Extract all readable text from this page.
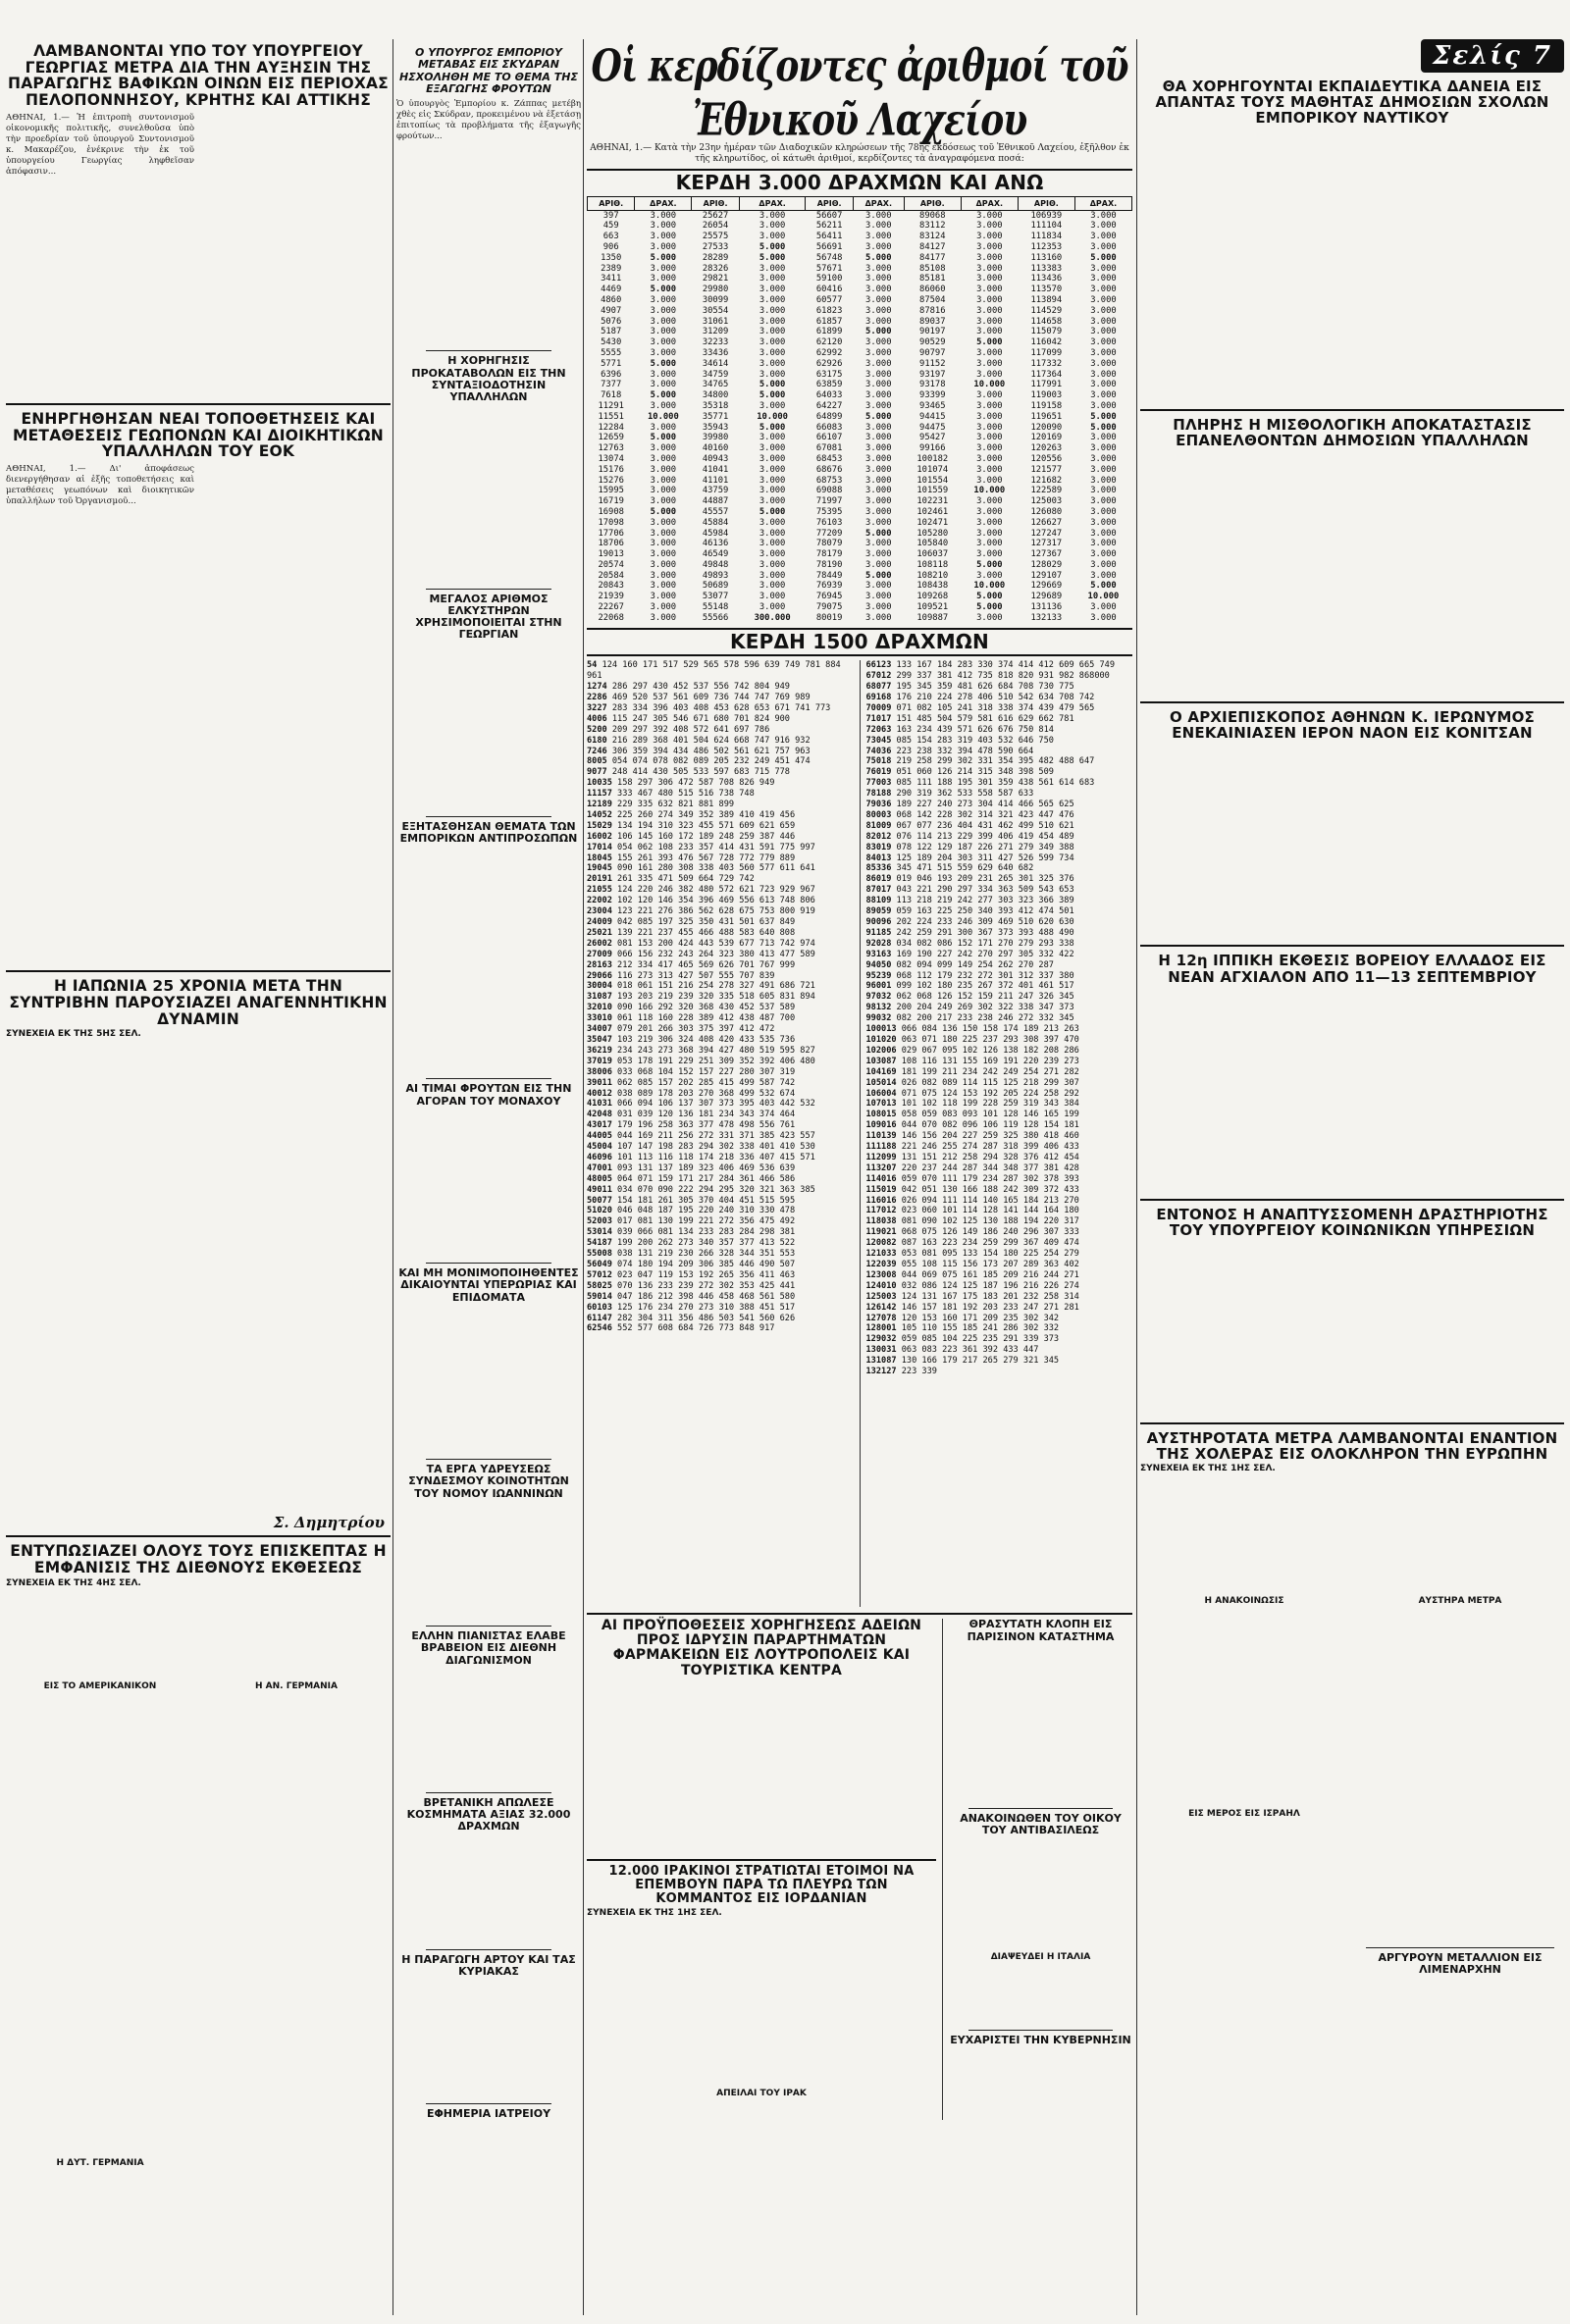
ΛΑΜΒΑΝΟΝΤΑΙ ΥΠΟ ΤΟΥ ΥΠΟΥΡΓΕΙΟΥ ΓΕΩΡΓΙΑΣ ΜΕΤΡΑ ΔΙΑ ΤΗΝ ΑΥΞΗΣΙΝ ΤΗΣ ΠΑΡΑΓΩΓΗΣ ΒΑΦΙΚΩΝ ΟΙΝΩΝ ΕΙΣ ΠΕΡΙΟΧΑΣ ΠΕΛΟΠΟΝΝΗΣΟΥ, ΚΡΗΤΗΣ ΚΑΙ ΑΤΤΙΚΗΣ

ΑΘΗΝΑΙ, 1.— Ἡ ἐπιτροπὴ συντονισμοῦ οἰκονομικῆς πολιτικῆς, συνελθοῦσα ὑπὸ τὴν προεδρίαν τοῦ ὑπουργοῦ Συντονισμοῦ κ. Μακαρέζου, ἐνέκρινε τὴν ἐκ τοῦ ὑπουργείου Γεωργίας ληφθεῖσαν ἀπόφασιν...

ΕΝΗΡΓΗΘΗΣΑΝ ΝΕΑΙ ΤΟΠΟΘΕΤΗΣΕΙΣ ΚΑΙ ΜΕΤΑΘΕΣΕΙΣ ΓΕΩΠΟΝΩΝ ΚΑΙ ΔΙΟΙΚΗΤΙΚΩΝ ΥΠΑΛΛΗΛΩΝ ΤΟΥ ΕΟΚ

ΑΘΗΝΑΙ, 1.— Δι' ἀποφάσεως διενεργήθησαν αἱ ἑξῆς τοποθετήσεις καὶ μεταθέσεις γεωπόνων καὶ διοικητικῶν ὑπαλλήλων τοῦ Ὀργανισμοῦ...

Η ΙΑΠΩΝΙΑ 25 ΧΡΟΝΙΑ ΜΕΤΑ ΤΗΝ ΣΥΝΤΡΙΒΗΝ ΠΑΡΟΥΣΙΑΖΕΙ ΑΝΑΓΕΝΝΗΤΙΚΗΝ ΔΥΝΑΜΙΝ
ΣΥΝΕΧΕΙΑ ΕΚ ΤΗΣ 5ΗΣ ΣΕΛ.

Σ. Δημητρίου
ΕΝΤΥΠΩΣΙΑΖΕΙ ΟΛΟΥΣ ΤΟΥΣ ΕΠΙΣΚΕΠΤΑΣ Η ΕΜΦΑΝΙΣΙΣ ΤΗΣ ΔΙΕΘΝΟΥΣ ΕΚΘΕΣΕΩΣ
ΣΥΝΕΧΕΙΑ ΕΚ ΤΗΣ 4ΗΣ ΣΕΛ.

ΕΙΣ ΤΟ ΑΜΕΡΙΚΑΝΙΚΟΝ

Η ΔΥΤ. ΓΕΡΜΑΝΙΑ

Η ΑΝ. ΓΕΡΜΑΝΙΑ

Ο ΥΠΟΥΡΓΟΣ ΕΜΠΟΡΙΟΥ ΜΕΤΑΒΑΣ ΕΙΣ ΣΚΥΔΡΑΝ ΗΣΧΟΛΗΘΗ ΜΕ ΤΟ ΘΕΜΑ ΤΗΣ ΕΞΑΓΩΓΗΣ ΦΡΟΥΤΩΝ

Ὁ ὑπουργὸς Ἐμπορίου κ. Ζάππας μετέβη χθὲς εἰς Σκύδραν, προκειμένου νὰ ἐξετάσῃ ἐπιτοπίως τὰ προβλήματα τῆς ἐξαγωγῆς φρούτων...

Η ΧΟΡΗΓΗΣΙΣ ΠΡΟΚΑΤΑΒΟΛΩΝ ΕΙΣ ΤΗΝ ΣΥΝΤΑΞΙΟΔΟΤΗΣΙΝ ΥΠΑΛΛΗΛΩΝ

ΜΕΓΑΛΟΣ ΑΡΙΘΜΟΣ ΕΛΚΥΣΤΗΡΩΝ ΧΡΗΣΙΜΟΠΟΙΕΙΤΑΙ ΣΤΗΝ ΓΕΩΡΓΙΑΝ

ΕΞΗΤΑΣΘΗΣΑΝ ΘΕΜΑΤΑ ΤΩΝ ΕΜΠΟΡΙΚΩΝ ΑΝΤΙΠΡΟΣΩΠΩΝ

ΑΙ ΤΙΜΑΙ ΦΡΟΥΤΩΝ ΕΙΣ ΤΗΝ ΑΓΟΡΑΝ ΤΟΥ ΜΟΝΑΧΟΥ

ΚΑΙ ΜΗ ΜΟΝΙΜΟΠΟΙΗΘΕΝΤΕΣ ΔΙΚΑΙΟΥΝΤΑΙ ΥΠΕΡΩΡΙΑΣ ΚΑΙ ΕΠΙΔΟΜΑΤΑ

ΤΑ ΕΡΓΑ ΥΔΡΕΥΣΕΩΣ ΣΥΝΔΕΣΜΟΥ ΚΟΙΝΟΤΗΤΩΝ ΤΟΥ ΝΟΜΟΥ ΙΩΑΝΝΙΝΩΝ

ΕΛΛΗΝ ΠΙΑΝΙΣΤΑΣ ΕΛΑΒΕ ΒΡΑΒΕΙΟΝ ΕΙΣ ΔΙΕΘΝΗ ΔΙΑΓΩΝΙΣΜΟΝ

ΒΡΕΤΑΝΙΚΗ ΑΠΩΛΕΣΕ ΚΟΣΜΗΜΑΤΑ ΑΞΙΑΣ 32.000 ΔΡΑΧΜΩΝ

Η ΠΑΡΑΓΩΓΗ ΑΡΤΟΥ ΚΑΙ ΤΑΣ ΚΥΡΙΑΚΑΣ

ΕΦΗΜΕΡΙΑ ΙΑΤΡΕΙΟΥ

Οἱ κερδίζοντες ἀριθμοί τοῦ Ἐθνικοῦ Λαχείου

ΑΘΗΝΑΙ, 1.— Κατὰ τὴν 23ην ἡμέραν τῶν Διαδοχικῶν κληρώσεων τῆς 78ης ἐκδόσεως τοῦ Ἐθνικοῦ Λαχείου, ἐξῆλθον ἐκ τῆς κληρωτίδος, οἱ κάτωθι ἀριθμοί, κερδίζοντες τὰ ἀναγραφόμενα ποσά:

ΚΕΡΔΗ 3.000 ΔΡΑΧΜΩΝ ΚΑΙ ΑΝΩ
ΑΡΙΘ.	ΔΡΑΧ.	ΑΡΙΘ.	ΔΡΑΧ.	ΑΡΙΘ.	ΔΡΑΧ.	ΑΡΙΘ.	ΔΡΑΧ.	ΑΡΙΘ.	ΔΡΑΧ.
397	3.000	25627	3.000	56607	3.000	89068	3.000	106939	3.000
459	3.000	26054	3.000	56211	3.000	83112	3.000	111104	3.000
663	3.000	25575	3.000	56411	3.000	83124	3.000	111834	3.000
906	3.000	27533	5.000	56691	3.000	84127	3.000	112353	3.000
1350	5.000	28289	5.000	56748	5.000	84177	3.000	113160	5.000
2389	3.000	28326	3.000	57671	3.000	85108	3.000	113383	3.000
3411	3.000	29821	3.000	59100	3.000	85181	3.000	113436	3.000
4469	5.000	29980	3.000	60416	3.000	86060	3.000	113570	3.000
4860	3.000	30099	3.000	60577	3.000	87504	3.000	113894	3.000
4907	3.000	30554	3.000	61823	3.000	87816	3.000	114529	3.000
5076	3.000	31061	3.000	61857	3.000	89037	3.000	114658	3.000
5187	3.000	31209	3.000	61899	5.000	90197	3.000	115079	3.000
5430	3.000	32233	3.000	62120	3.000	90529	5.000	116042	3.000
5555	3.000	33436	3.000	62992	3.000	90797	3.000	117099	3.000
5771	5.000	34614	3.000	62926	3.000	91152	3.000	117332	3.000
6396	3.000	34759	3.000	63175	3.000	93197	3.000	117364	3.000
7377	3.000	34765	5.000	63859	3.000	93178	10.000	117991	3.000
7618	5.000	34800	5.000	64033	3.000	93399	3.000	119003	3.000
11291	3.000	35318	3.000	64227	3.000	93465	3.000	119158	3.000
11551	10.000	35771	10.000	64899	5.000	94415	3.000	119651	5.000
12284	3.000	35943	5.000	66083	3.000	94475	3.000	120090	5.000
12659	5.000	39980	3.000	66107	3.000	95427	3.000	120169	3.000
12763	3.000	40160	3.000	67081	3.000	99166	3.000	120263	3.000
13074	3.000	40943	3.000	68453	3.000	100182	3.000	120556	3.000
15176	3.000	41041	3.000	68676	3.000	101074	3.000	121577	3.000
15276	3.000	41101	3.000	68753	3.000	101554	3.000	121682	3.000
15995	3.000	43759	3.000	69088	3.000	101559	10.000	122589	3.000
16719	3.000	44887	3.000	71997	3.000	102231	3.000	125003	3.000
16908	5.000	45557	5.000	75395	3.000	102461	3.000	126080	3.000
17098	3.000	45884	3.000	76103	3.000	102471	3.000	126627	3.000
17706	3.000	45984	3.000	77209	5.000	105280	3.000	127247	3.000
18706	3.000	46136	3.000	78079	3.000	105840	3.000	127317	3.000
19013	3.000	46549	3.000	78179	3.000	106037	3.000	127367	3.000
20574	3.000	49848	3.000	78190	3.000	108118	5.000	128029	3.000
20584	3.000	49893	3.000	78449	5.000	108210	3.000	129107	3.000
20843	3.000	50689	3.000	76939	3.000	108438	10.000	129669	5.000
21939	3.000	53077	3.000	76945	3.000	109268	5.000	129689	10.000
22267	3.000	55148	3.000	79075	3.000	109521	5.000	131136	3.000
22068	3.000	55566	300.000	80019	3.000	109887	3.000	132133	3.000
ΚΕΡΔΗ 1500 ΔΡΑΧΜΩΝ
54 124 160 171 517 529 565 578 596 639 749 781 884 961
1274 286 297 430 452 537 556 742 804 949
2286 469 520 537 561 609 736 744 747 769 989
3227 283 334 396 403 408 453 628 653 671 741 773
4006 115 247 305 546 671 680 701 824 900
5200 209 297 392 408 572 641 697 786
6180 216 289 368 401 504 624 668 747 916 932
7246 306 359 394 434 486 502 561 621 757 963
8005 054 074 078 082 089 205 232 249 451 474
9077 248 414 430 505 533 597 683 715 778
10035 158 297 306 472 587 708 826 949
11157 333 467 480 515 516 738 748
12189 229 335 632 821 881 899
14052 225 260 274 349 352 389 410 419 456
15029 134 194 310 323 455 571 609 621 659
16002 106 145 160 172 189 248 259 387 446
17014 054 062 108 233 357 414 431 591 775 997
18045 155 261 393 476 567 728 772 779 889
19045 090 161 280 308 338 403 560 577 611 641
20191 261 335 471 509 664 729 742
21055 124 220 246 382 480 572 621 723 929 967
22002 102 120 146 354 396 469 556 613 748 806
23004 123 221 276 386 562 628 675 753 800 919
24009 042 085 197 325 350 431 501 637 849
25021 139 221 237 455 466 488 583 640 808
26002 081 153 200 424 443 539 677 713 742 974
27009 066 156 232 243 264 323 380 413 477 589
28163 212 334 417 465 569 626 701 767 999
29066 116 273 313 427 507 555 707 839
30004 018 061 151 216 254 278 327 491 686 721
31087 193 203 219 239 320 335 518 605 831 894
32010 090 166 292 320 368 430 452 537 589
33010 061 118 160 228 389 412 438 487 700
34007 079 201 266 303 375 397 412 472
35047 103 219 306 324 408 420 433 535 736
36219 234 243 273 368 394 427 480 519 595 827
37019 053 178 191 229 251 309 352 392 406 480
38006 033 068 104 152 157 227 280 307 319
39011 062 085 157 202 285 415 499 587 742
40012 038 089 178 203 270 368 499 532 674
41031 066 094 106 137 307 373 395 403 442 532
42048 031 039 120 136 181 234 343 374 464
43017 179 196 258 363 377 478 498 556 761
44005 044 169 211 256 272 331 371 385 423 557
45004 107 147 198 283 294 302 338 401 410 530
46096 101 113 116 118 174 218 336 407 415 571
47001 093 131 137 189 323 406 469 536 639
48005 064 071 159 171 217 284 361 466 586
49011 034 070 090 222 294 295 320 321 363 385
50077 154 181 261 305 370 404 451 515 595
51020 046 048 187 195 220 240 310 330 478
52003 017 081 130 199 221 272 356 475 492
53014 039 066 081 134 233 283 284 298 381
54187 199 200 262 273 340 357 377 413 522
55008 038 131 219 230 266 328 344 351 553
56049 074 180 194 209 306 385 446 490 507
57012 023 047 119 153 192 265 356 411 463
58025 070 136 233 239 272 302 353 425 441
59014 047 186 212 398 446 458 468 561 580
60103 125 176 234 270 273 310 388 451 517
61147 282 304 311 356 486 503 541 560 626
62546 552 577 608 684 726 773 848 917
66123 133 167 184 283 330 374 414 412 609 665 749
67012 299 337 381 412 735 818 820 931 982 868000
68077 195 345 359 481 626 684 708 730 775
69168 176 210 224 278 406 510 542 634 708 742
70009 071 082 105 241 318 338 374 439 479 565
71017 151 485 504 579 581 616 629 662 781
72063 163 234 439 571 626 676 750 814
73045 085 154 283 319 403 532 646 750
74036 223 238 332 394 478 590 664
75018 219 258 299 302 331 354 395 482 488 647
76019 051 060 126 214 315 348 398 509
77003 085 111 188 195 301 359 438 561 614 683
78188 290 319 362 533 558 587 633
79036 189 227 240 273 304 414 466 565 625
80003 068 142 228 302 314 321 423 447 476
81009 067 077 236 404 431 462 499 510 621
82012 076 114 213 229 399 406 419 454 489
83019 078 122 129 187 226 271 279 349 388
84013 125 189 204 303 311 427 526 599 734
85336 345 471 515 559 629 640 682
86019 019 046 193 209 231 265 301 325 376
87017 043 221 290 297 334 363 509 543 653
88109 113 218 219 242 277 303 323 366 389
89059 059 163 225 250 340 393 412 474 501
90096 202 224 233 246 309 469 510 620 630
91185 242 259 291 300 367 373 393 488 490
92028 034 082 086 152 171 270 279 293 338
93163 169 190 227 242 270 297 305 332 422
94050 082 094 099 149 254 262 270 287
95239 068 112 179 232 272 301 312 337 380
96001 099 102 180 235 267 372 401 461 517
97032 062 068 126 152 159 211 247 326 345
98132 200 204 249 269 302 322 338 347 373
99032 082 200 217 233 238 246 272 332 345
100013 066 084 136 150 158 174 189 213 263
101020 063 071 180 225 237 293 308 397 470
102006 029 067 095 102 126 138 182 208 286
103087 108 116 131 155 169 191 220 239 273
104169 181 199 211 234 242 249 254 271 282
105014 026 082 089 114 115 125 218 299 307
106004 071 075 124 153 192 205 224 258 292
107013 101 102 118 199 228 259 319 343 384
108015 058 059 083 093 101 128 146 165 199
109016 044 070 082 096 106 119 128 154 181
110139 146 156 204 227 259 325 380 418 460
111188 221 246 255 274 287 318 399 406 433
112099 131 151 212 258 294 328 376 412 454
113207 220 237 244 287 344 348 377 381 428
114016 059 070 111 179 234 287 302 378 393
115019 042 051 130 166 188 242 309 372 433
116016 026 094 111 114 140 165 184 213 270
117012 023 060 101 114 128 141 144 164 180
118038 081 090 102 125 130 188 194 220 317
119021 068 075 126 149 186 240 296 307 333
120082 087 163 223 234 259 299 367 409 474
121033 053 081 095 133 154 180 225 254 279
122039 055 108 115 156 173 207 289 363 402
123008 044 069 075 161 185 209 216 244 271
124010 032 086 124 125 187 196 216 226 274
125003 124 131 167 175 183 201 232 258 314
126142 146 157 181 192 203 233 247 271 281
127078 120 153 160 171 209 235 302 342
128001 105 110 155 185 241 286 302 332
129032 059 085 104 225 235 291 339 373
130031 063 083 223 361 392 433 447
131087 130 166 179 217 265 279 321 345
132127 223 339
ΑΙ ΠΡΟΫΠΟΘΕΣΕΙΣ ΧΟΡΗΓΗΣΕΩΣ ΑΔΕΙΩΝ ΠΡΟΣ ΙΔΡΥΣΙΝ ΠΑΡΑΡΤΗΜΑΤΩΝ ΦΑΡΜΑΚΕΙΩΝ ΕΙΣ ΛΟΥΤΡΟΠΟΛΕΙΣ ΚΑΙ ΤΟΥΡΙΣΤΙΚΑ ΚΕΝΤΡΑ

12.000 ΙΡΑΚΙΝΟΙ ΣΤΡΑΤΙΩΤΑΙ ΕΤΟΙΜΟΙ ΝΑ ΕΠΕΜΒΟΥΝ ΠΑΡΑ ΤΩ ΠΛΕΥΡΩ ΤΩΝ ΚΟΜΜΑΝΤΟΣ ΕΙΣ ΙΟΡΔΑΝΙΑΝ
ΣΥΝΕΧΕΙΑ ΕΚ ΤΗΣ 1ΗΣ ΣΕΛ.

ΑΠΕΙΛΑΙ ΤΟΥ ΙΡΑΚ

ΘΡΑΣΥΤΑΤΗ ΚΛΟΠΗ ΕΙΣ ΠΑΡΙΣΙΝΟΝ ΚΑΤΑΣΤΗΜΑ

ΑΝΑΚΟΙΝΩΘΕΝ ΤΟΥ ΟΙΚΟΥ ΤΟΥ ΑΝΤΙΒΑΣΙΛΕΩΣ

ΔΙΑΨΕΥΔΕΙ Η ΙΤΑΛΙΑ

ΕΥΧΑΡΙΣΤΕΙ ΤΗΝ ΚΥΒΕΡΝΗΣΙΝ

Σελίς 7
ΘΑ ΧΟΡΗΓΟΥΝΤΑΙ ΕΚΠΑΙΔΕΥΤΙΚΑ ΔΑΝΕΙΑ ΕΙΣ ΑΠΑΝΤΑΣ ΤΟΥΣ ΜΑΘΗΤΑΣ ΔΗΜΟΣΙΩΝ ΣΧΟΛΩΝ ΕΜΠΟΡΙΚΟΥ ΝΑΥΤΙΚΟΥ

ΠΛΗΡΗΣ Η ΜΙΣΘΟΛΟΓΙΚΗ ΑΠΟΚΑΤΑΣΤΑΣΙΣ ΕΠΑΝΕΛΘΟΝΤΩΝ ΔΗΜΟΣΙΩΝ ΥΠΑΛΛΗΛΩΝ

Ο ΑΡΧΙΕΠΙΣΚΟΠΟΣ ΑΘΗΝΩΝ Κ. ΙΕΡΩΝΥΜΟΣ ΕΝΕΚΑΙΝΙΑΣΕΝ ΙΕΡΟΝ ΝΑΟΝ ΕΙΣ ΚΟΝΙΤΣΑΝ

Η 12η ΙΠΠΙΚΗ ΕΚΘΕΣΙΣ ΒΟΡΕΙΟΥ ΕΛΛΑΔΟΣ ΕΙΣ ΝΕΑΝ ΑΓΧΙΑΛΟΝ ΑΠΟ 11—13 ΣΕΠΤΕΜΒΡΙΟΥ

ΕΝΤΟΝΟΣ Η ΑΝΑΠΤΥΣΣΟΜΕΝΗ ΔΡΑΣΤΗΡΙΟΤΗΣ ΤΟΥ ΥΠΟΥΡΓΕΙΟΥ ΚΟΙΝΩΝΙΚΩΝ ΥΠΗΡΕΣΙΩΝ

ΑΥΣΤΗΡΟΤΑΤΑ ΜΕΤΡΑ ΛΑΜΒΑΝΟΝΤΑΙ ΕΝΑΝΤΙΟΝ ΤΗΣ ΧΟΛΕΡΑΣ ΕΙΣ ΟΛΟΚΛΗΡΟΝ ΤΗΝ ΕΥΡΩΠΗΝ
ΣΥΝΕΧΕΙΑ ΕΚ ΤΗΣ 1ΗΣ ΣΕΛ.

Η ΑΝΑΚΟΙΝΩΣΙΣ

ΕΙΣ ΜΕΡΟΣ ΕΙΣ ΙΣΡΑΗΛ

ΑΥΣΤΗΡΑ ΜΕΤΡΑ

ΑΡΓΥΡΟΥΝ ΜΕΤΑΛΛΙΟΝ ΕΙΣ ΛΙΜΕΝΑΡΧΗΝ
